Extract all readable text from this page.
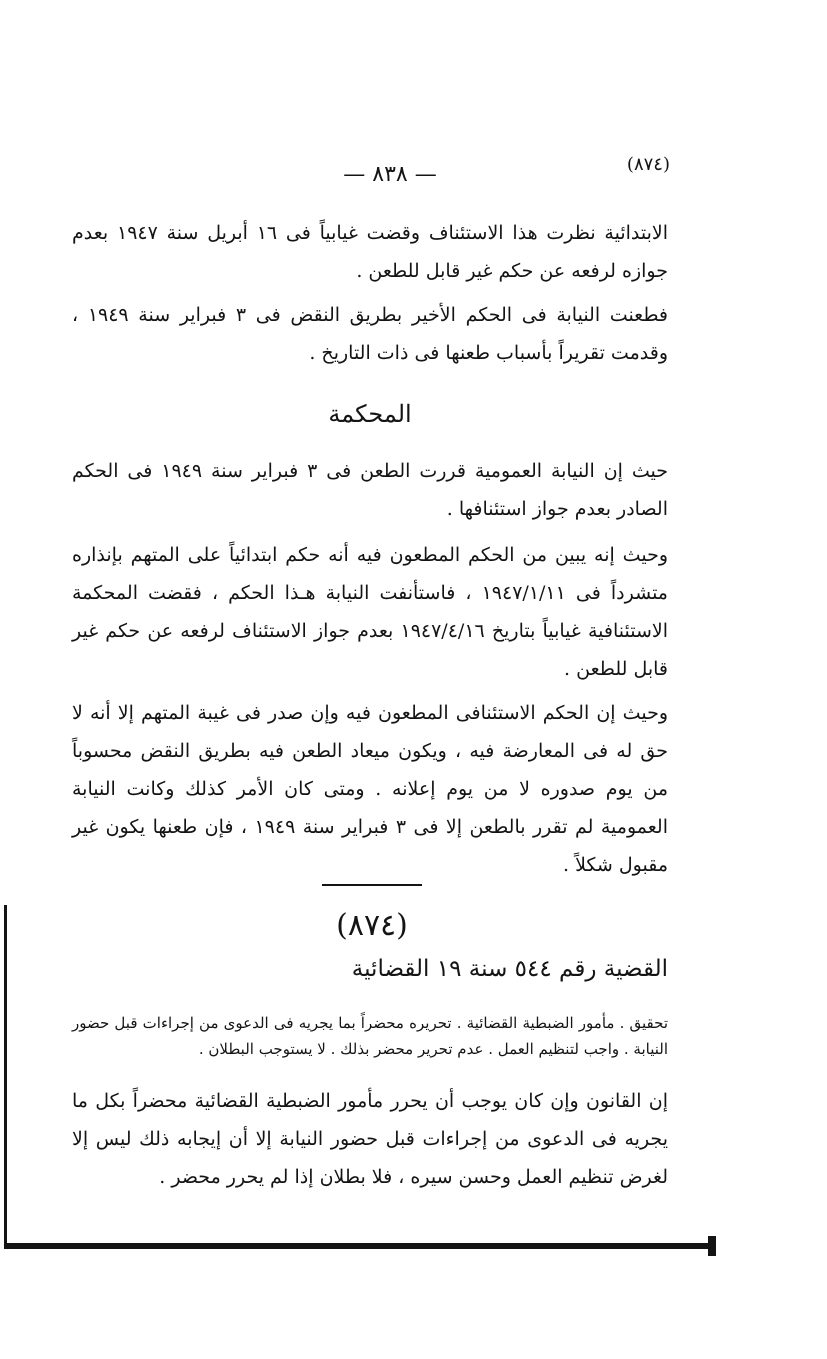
— ٨٣٨ —	(٨٧٤)

الابتدائية نظرت هذا الاستئناف وقضت غيابياً فى ١٦ أبريل سنة ١٩٤٧ بعدم جوازه لرفعه عن حكم غير قابل للطعن .

فطعنت النيابة فى الحكم الأخير بطريق النقض فى ٣ فبراير سنة ١٩٤٩ ، وقدمت تقريراً بأسباب طعنها فى ذات التاريخ .

المحكمة

حيث إن النيابة العمومية قررت الطعن فى ٣ فبراير سنة ١٩٤٩ فى الحكم الصادر بعدم جواز استئنافها .

وحيث إنه يبين من الحكم المطعون فيه أنه حكم ابتدائياً على المتهم بإنذاره متشرداً فى ١٩٤٧/١/١١ ، فاستأنفت النيابة هـذا الحكم ، فقضت المحكمة الاستئنافية غيابياً بتاريخ ١٩٤٧/٤/١٦ بعدم جواز الاستئناف لرفعه عن حكم غير قابل للطعن .

وحيث إن الحكم الاستئنافى المطعون فيه وإن صدر فى غيبة المتهم إلا أنه لا حق له فى المعارضة فيه ، ويكون ميعاد الطعن فيه بطريق النقض محسوباً من يوم صدوره لا من يوم إعلانه . ومتى كان الأمر كذلك وكانت النيابة العمومية لم تقرر بالطعن إلا فى ٣ فبراير سنة ١٩٤٩ ، فإن طعنها يكون غير مقبول شكلاً .

(٨٧٤)
القضية رقم ٥٤٤ سنة ١٩ القضائية
تحقيق . مأمور الضبطية القضائية . تحريره محضراً بما يجريه فى الدعوى من إجراءات قبل حضور النيابة . واجب لتنظيم العمل . عدم تحرير محضر بذلك . لا يستوجب البطلان .
إن القانون وإن كان يوجب أن يحرر مأمور الضبطية القضائية محضراً بكل ما يجريه فى الدعوى من إجراءات قبل حضور النيابة إلا أن إيجابه ذلك ليس إلا لغرض تنظيم العمل وحسن سيره ، فلا بطلان إذا لم يحرر محضر .
